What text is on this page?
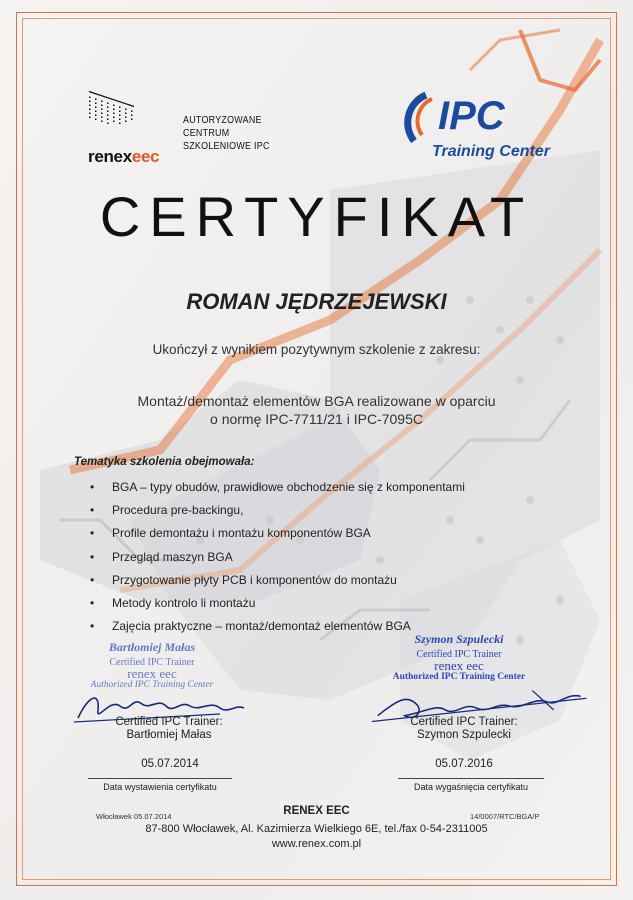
renexeec
AUTORYZOWANE
CENTRUM
SZKOLENIOWE IPC
IPC
Training Center
CERTYFIKAT
ROMAN JĘDRZEJEWSKI
Ukończył z wynikiem pozytywnym szkolenie z zakresu:
Montaż/demontaż elementów BGA realizowane w oparciu
o normę IPC-7711/21 i IPC-7095C
Tematyka szkolenia obejmowała:
• BGA – typy obudów, prawidłowe obchodzenie się z komponentami
• Procedura pre-backingu,
• Profile demontażu i montażu komponentów BGA
• Przegląd maszyn BGA
• Przygotowanie płyty PCB i komponentów do montażu
• Metody kontrolo li montażu
• Zajęcia praktyczne – montaż/demontaż elementów BGA
Bartłomiej Małas
Certified IPC Trainer
renex eec
Authorized IPC Training Center
Certified IPC Trainer:
Bartłomiej Małas
05.07.2014
Data wystawienia certyfikatu
Szymon Szpulecki
Certified IPC Trainer
renex eec
Authorized IPC Training Center
Certified IPC Trainer:
Szymon Szpulecki
05.07.2016
Data wygaśnięcia certyfikatu
Włocławek 05.07.2014	14/0007/RTC/BGA/P
RENEX EEC
87-800 Włocławek, Al. Kazimierza Wielkiego 6E, tel./fax 0-54-2311005
www.renex.com.pl
